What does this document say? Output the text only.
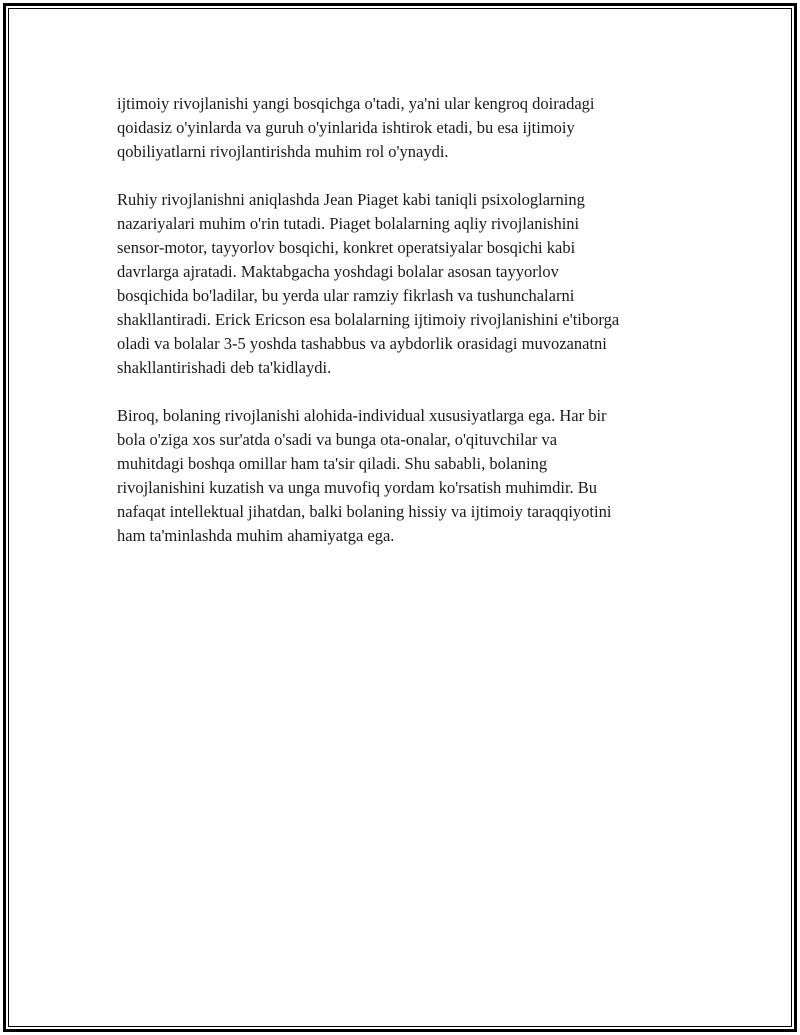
ijtimoiy rivojlanishi yangi bosqichga o'tadi, ya'ni ular kengroq doiradagi
qoidasiz o'yinlarda va guruh o'yinlarida ishtirok etadi, bu esa ijtimoiy
qobiliyatlarni rivojlantirishda muhim rol o'ynaydi.

Ruhiy rivojlanishni aniqlashda Jean Piaget kabi taniqli psixologlarning
nazariyalari muhim o'rin tutadi. Piaget bolalarning aqliy rivojlanishini
sensor-motor, tayyorlov bosqichi, konkret operatsiyalar bosqichi kabi
davrlarga ajratadi. Maktabgacha yoshdagi bolalar asosan tayyorlov
bosqichida bo'ladilar, bu yerda ular ramziy fikrlash va tushunchalarni
shakllantiradi. Erick Ericson esa bolalarning ijtimoiy rivojlanishini e'tiborga
oladi va bolalar 3-5 yoshda tashabbus va aybdorlik orasidagi muvozanatni
shakllantirishadi deb ta'kidlaydi.

Biroq, bolaning rivojlanishi alohida-individual xususiyatlarga ega. Har bir
bola o'ziga xos sur'atda o'sadi va bunga ota-onalar, o'qituvchilar va
muhitdagi boshqa omillar ham ta'sir qiladi. Shu sababli, bolaning
rivojlanishini kuzatish va unga muvofiq yordam ko'rsatish muhimdir. Bu
nafaqat intellektual jihatdan, balki bolaning hissiy va ijtimoiy taraqqiyotini
ham ta'minlashda muhim ahamiyatga ega.
